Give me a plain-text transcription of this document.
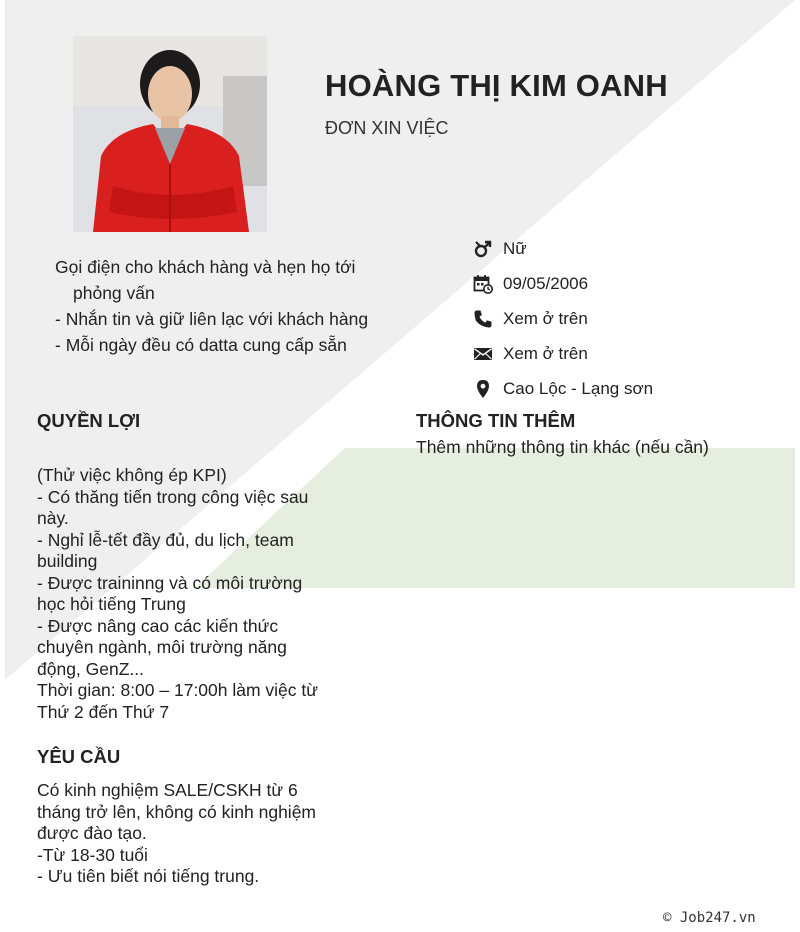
HOÀNG THỊ KIM OANH
ĐƠN XIN VIỆC

Gọi điện cho khách hàng và hẹn họ tới

phỏng vấn

- Nhắn tin và giữ liên lạc với khách hàng

- Mỗi ngày đều có datta cung cấp sẵn

Nữ
09/05/2006
Xem ở trên
Xem ở trên
Cao Lộc - Lạng sơn
QUYỀN LỢI

(Thử việc không ép KPI)

- Có thăng tiến trong công việc sau

này.

- Nghỉ lễ-tết đầy đủ, du lịch, team

building

- Được traininng và có môi trường

học hỏi tiếng Trung

- Được nâng cao các kiến thức

chuyên ngành, môi trường năng

động, GenZ...

Thời gian: 8:00 – 17:00h làm việc từ

Thứ 2 đến Thứ 7

THÔNG TIN THÊM
Thêm những thông tin khác (nếu cần)
YÊU CẦU

Có kinh nghiệm SALE/CSKH từ 6

tháng trở lên, không có kinh nghiệm

được đào tạo.

-Từ 18-30 tuổi

- Ưu tiên biết nói tiếng trung.

© Job247.vn
